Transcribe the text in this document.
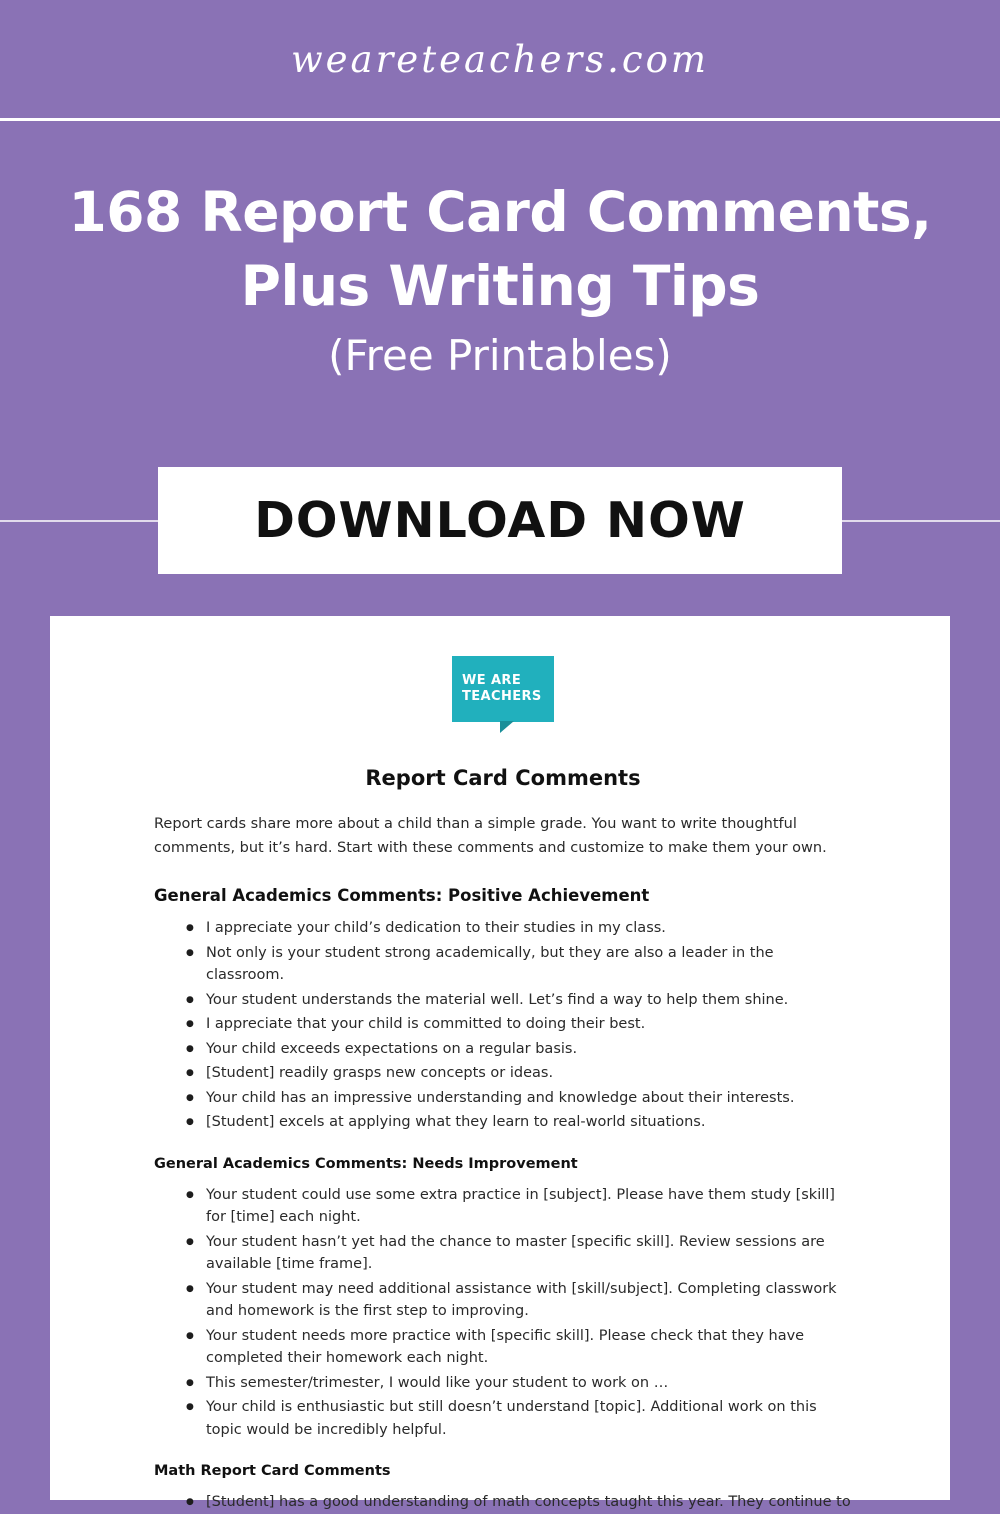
weareteachers.com
168 Report Card Comments,
Plus Writing Tips
(Free Printables)
DOWNLOAD NOW
WE ARE
TEACHERS
Report Card Comments
Report cards share more about a child than a simple grade. You want to write thoughtful comments, but it’s hard. Start with these comments and customize to make them your own.
General Academics Comments: Positive Achievement
● I appreciate your child’s dedication to their studies in my class.
● Not only is your student strong academically, but they are also a leader in the classroom.
● Your student understands the material well. Let’s find a way to help them shine.
● I appreciate that your child is committed to doing their best.
● Your child exceeds expectations on a regular basis.
● [Student] readily grasps new concepts or ideas.
● Your child has an impressive understanding and knowledge about their interests.
● [Student] excels at applying what they learn to real-world situations.
General Academics Comments: Needs Improvement
● Your student could use some extra practice in [subject]. Please have them study [skill] for [time] each night.
● Your student hasn’t yet had the chance to master [specific skill]. Review sessions are available [time frame].
● Your student may need additional assistance with [skill/subject]. Completing classwork and homework is the first step to improving.
● Your student needs more practice with [specific skill]. Please check that they have completed their homework each night.
● This semester/trimester, I would like your student to work on …
● Your child is enthusiastic but still doesn’t understand [topic]. Additional work on this topic would be incredibly helpful.
Math Report Card Comments
● [Student] has a good understanding of math concepts taught this year. They continue to
